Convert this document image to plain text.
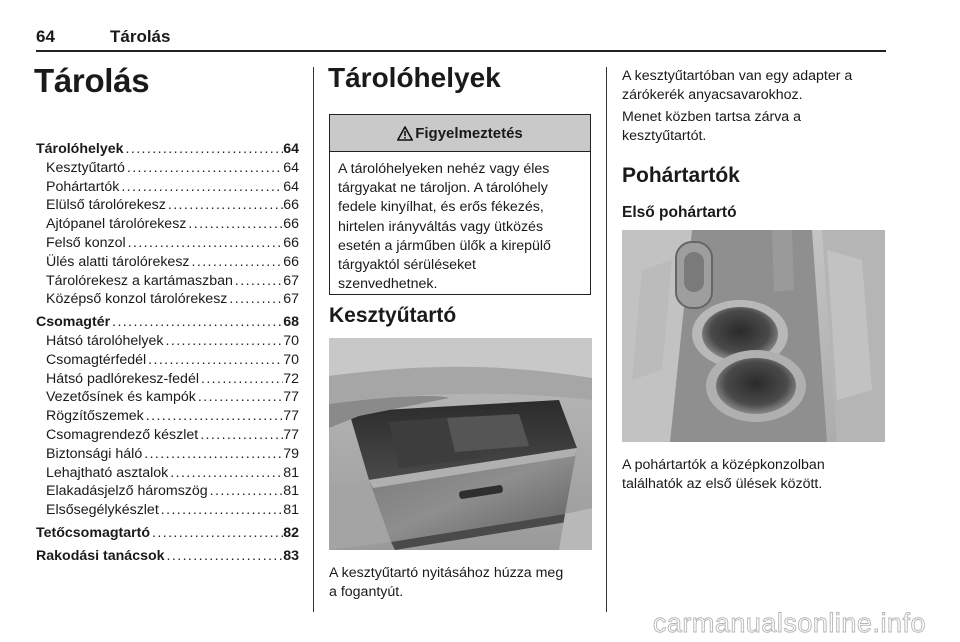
64	Tárolás
Tárolás
Tárolóhelyek .....	64
Kesztyűtartó .....	64
Pohártartók .....	64
Elülső tárolórekesz .....	66
Ajtópanel tárolórekesz .....	66
Felső konzol .....	66
Ülés alatti tárolórekesz .....	66
Tárolórekesz a kartámaszban .....	67
Középső konzol tárolórekesz .....	67
Csomagtér .....	68
Hátsó tárolóhelyek .....	70
Csomagtérfedél .....	70
Hátsó padlórekesz-fedél .....	72
Vezetősínek és kampók .....	77
Rögzítőszemek .....	77
Csomagrendező készlet .....	77
Biztonsági háló .....	79
Lehajtható asztalok .....	81
Elakadásjelző háromszög .....	81
Elsősegélykészlet .....	81
Tetőcsomagtartó .....	82
Rakodási tanácsok .....	83
Tárolóhelyek
Figyelmeztetés
A tárolóhelyeken nehéz vagy éles
tárgyakat ne tároljon. A tárolóhely
fedele kinyílhat, és erős fékezés,
hirtelen irányváltás vagy ütközés
esetén a járműben ülők a kirepülő
tárgyaktól sérüléseket
szenvedhetnek.
Kesztyűtartó
A kesztyűtartó nyitásához húzza meg
a fogantyút.
A kesztyűtartóban van egy adapter a
zárókerék anyacsavarokhoz.
Menet közben tartsa zárva a
kesztyűtartót.
Pohártartók
Első pohártartó
A pohártartók a középkonzolban
találhatók az első ülések között.
carmanualsonline.info
